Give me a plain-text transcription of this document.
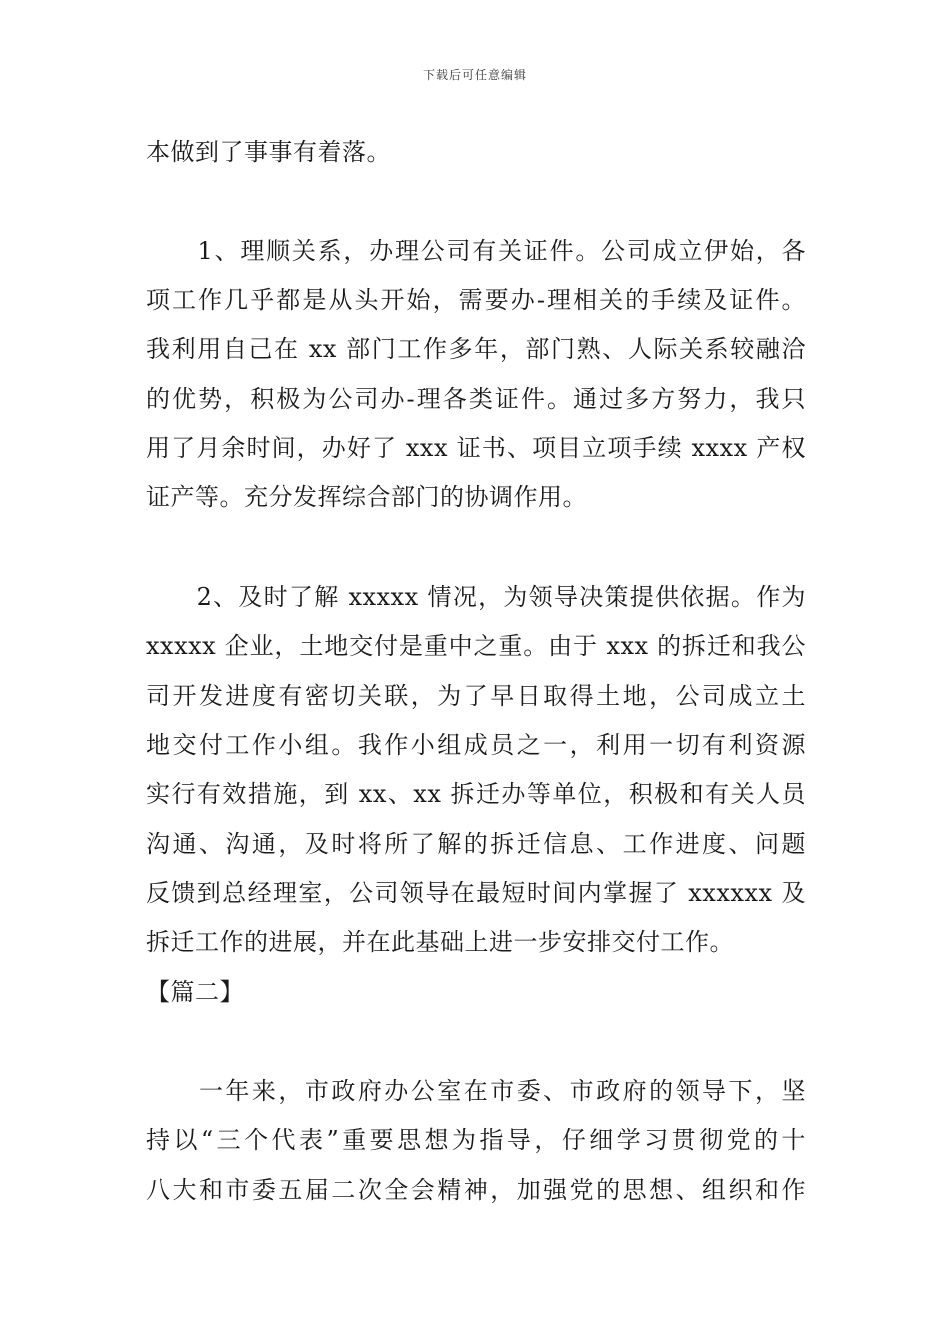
下载后可任意编辑
本做到了事事有着落。
　　1、理顺关系，办理公司有关证件。公司成立伊始，各
项工作几乎都是从头开始，需要办-理相关的手续及证件。
我利用自己在 xx 部门工作多年，部门熟、人际关系较融洽
的优势，积极为公司办-理各类证件。通过多方努力，我只
用了月余时间，办好了 xxx 证书、项目立项手续 xxxx 产权
证产等。充分发挥综合部门的协调作用。
　　2、及时了解 xxxxx 情况，为领导决策提供依据。作为
xxxxx 企业，土地交付是重中之重。由于 xxx 的拆迁和我公
司开发进度有密切关联，为了早日取得土地，公司成立土
地交付工作小组。我作小组成员之一，利用一切有利资源
实行有效措施，到 xx、xx 拆迁办等单位，积极和有关人员
沟通、沟通，及时将所了解的拆迁信息、工作进度、问题
反馈到总经理室，公司领导在最短时间内掌握了 xxxxxx 及
拆迁工作的进展，并在此基础上进一步安排交付工作。
【篇二】
　　一年来，市政府办公室在市委、市政府的领导下，坚
持以“三个代表”重要思想为指导，仔细学习贯彻党的十
八大和市委五届二次全会精神，加强党的思想、组织和作
